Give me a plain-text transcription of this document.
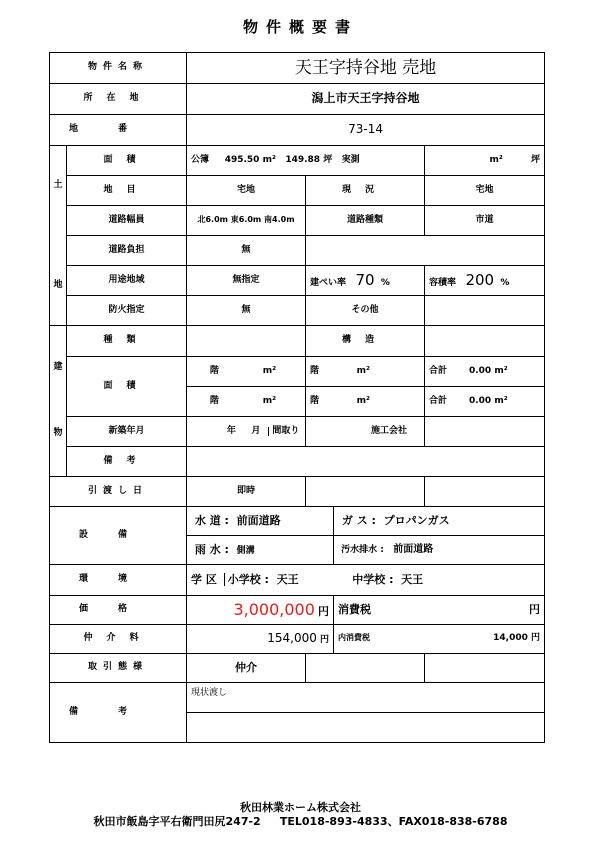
物件概要書
物件名称		天王字持谷地 売地			
所在地		潟上市天王字持谷地			
地番		73-14			

土
地	面積	公簿 495.50 m² 149.88 坪 実測			m² 坪
	地目	宅地	現況		宅地
	道路幅員	北6.0m 東6.0m 南4.0m	道路種類		市道
	道路負担	無			
	用途地域	無指定	建ぺい率 70 %		容積率 200 %
	防火指定	無	その他		

建
物	種類		構造		
	面積	階 m²	階 m²		合計 0.00 m²
		階 m²	階 m²		合計 0.00 m²
	新築年月	年 月 間取り	施工会社		

	備考				
引渡し日		即時			
設備		水 道 : 前面道路		ガ ス : プロパンガス	
		雨 水 : 側溝		汚水排水 : 前面道路	
環境		学 区 小学校 : 天王 中学校 : 天王			
価格		3,000,000 円		消費税 円	

仲介料		154,000 円		内消費税 14,000 円	

取引態様		仲介			
備考		現状渡し			

秋田林業ホーム株式会社
秋田市飯島字平右衛門田尻247-2 TEL018-893-4833、FAX018-838-6788
